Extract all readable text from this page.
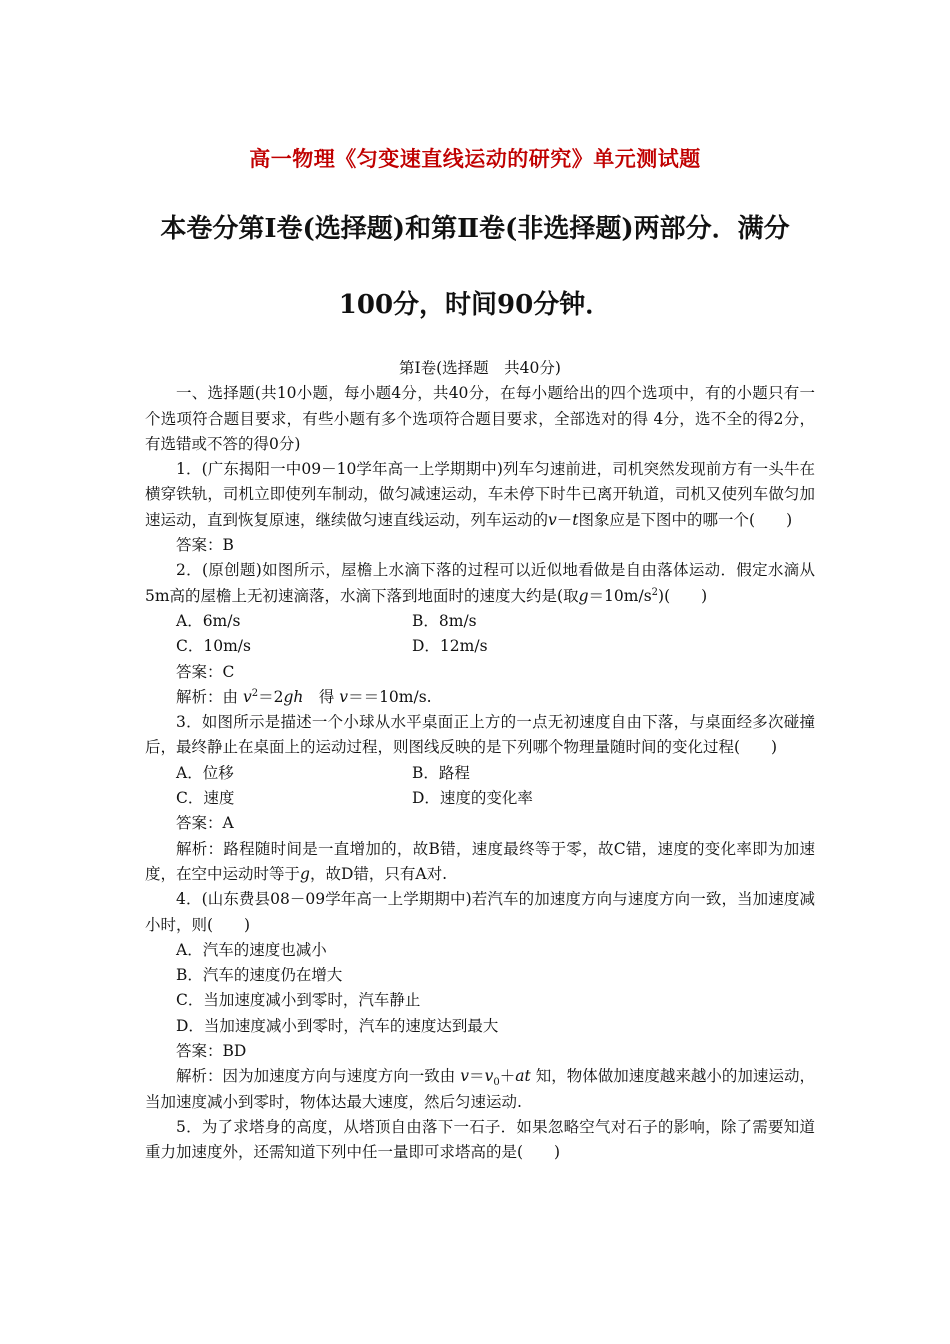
高一物理《匀变速直线运动的研究》单元测试题
本卷分第Ⅰ卷(选择题)和第Ⅱ卷(非选择题)两部分．满分
100分，时间90分钟．

第Ⅰ卷(选择题　共40分)

一、选择题(共10小题，每小题4分，共40分，在每小题给出的四个选项中，有的小题只有一个选项符合题目要求，有些小题有多个选项符合题目要求，全部选对的得 4分，选不全的得2分，有选错或不答的得0分)

1．(广东揭阳一中09－10学年高一上学期期中)列车匀速前进，司机突然发现前方有一头牛在横穿铁轨，司机立即使列车制动，做匀减速运动，车未停下时牛已离开轨道，司机又使列车做匀加速运动，直到恢复原速，继续做匀速直线运动，列车运动的v－t图象应是下图中的哪一个(　　)

答案：B

2．(原创题)如图所示，屋檐上水滴下落的过程可以近似地看做是自由落体运动．假定水滴从5m高的屋檐上无初速滴落，水滴下落到地面时的速度大约是(取$g=10m/s^2$)(　　)

A．6m/s	B．8m/s
C．10m/s	D．12m/s

答案：C

解析：由 $v^2=2gh$　得 v＝＝10m/s.

3．如图所示是描述一个小球从水平桌面正上方的一点无初速度自由下落，与桌面经多次碰撞后，最终静止在桌面上的运动过程，则图线反映的是下列哪个物理量随时间的变化过程(　　)

A．位移	B．路程
C．速度	D．速度的变化率

答案：A

解析：路程随时间是一直增加的，故B错，速度最终等于零，故C错，速度的变化率即为加速度，在空中运动时等于g，故D错，只有A对.

4．(山东费县08－09学年高一上学期期中)若汽车的加速度方向与速度方向一致，当加速度减小时，则(　　)

A．汽车的速度也减小

B．汽车的速度仍在增大

C．当加速度减小到零时，汽车静止

D．当加速度减小到零时，汽车的速度达到最大

答案：BD

解析：因为加速度方向与速度方向一致由 $v=v_0+at$ 知，物体做加速度越来越小的加速运动，当加速度减小到零时，物体达最大速度，然后匀速运动.

5．为了求塔身的高度，从塔顶自由落下一石子．如果忽略空气对石子的影响，除了需要知道重力加速度外，还需知道下列中任一量即可求塔高的是(　　)
